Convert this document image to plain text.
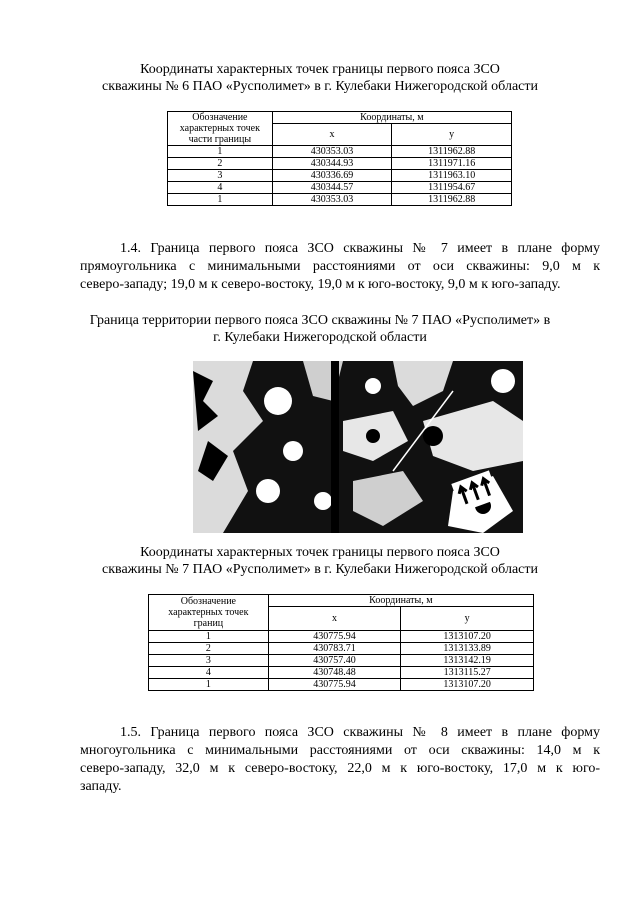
Координаты характерных точек границы первого пояса ЗСО
скважины № 6 ПАО «Русполимет» в г. Кулебаки Нижегородской области
Обозначение
характерных точек
части границы	Координаты, м	
	x	y
1	430353.03	1311962.88
2	430344.93	1311971.16
3	430336.69	1311963.10
4	430344.57	1311954.67
1	430353.03	1311962.88
1.4. Граница первого пояса ЗСО скважины № 7 имеет в плане форму
прямоугольника с минимальными расстояниями от оси скважины: 9,0 м к
северо-западу; 19,0 м к северо-востоку, 19,0 м к юго-востоку, 9,0 м к юго-западу.
Граница территории первого пояса ЗСО скважины № 7 ПАО «Русполимет» в
г. Кулебаки Нижегородской области
Координаты характерных точек границы первого пояса ЗСО
скважины № 7 ПАО «Русполимет» в г. Кулебаки Нижегородской области
Обозначение
характерных точек
границ	Координаты, м	
	x	y
1	430775.94	1313107.20
2	430783.71	1313133.89
3	430757.40	1313142.19
4	430748.48	1313115.27
1	430775.94	1313107.20
1.5. Граница первого пояса ЗСО скважины № 8 имеет в плане форму
многоугольника с минимальными расстояниями от оси скважины: 14,0 м к
северо-западу, 32,0 м к северо-востоку, 22,0 м к юго-востоку, 17,0 м к юго-
западу.
